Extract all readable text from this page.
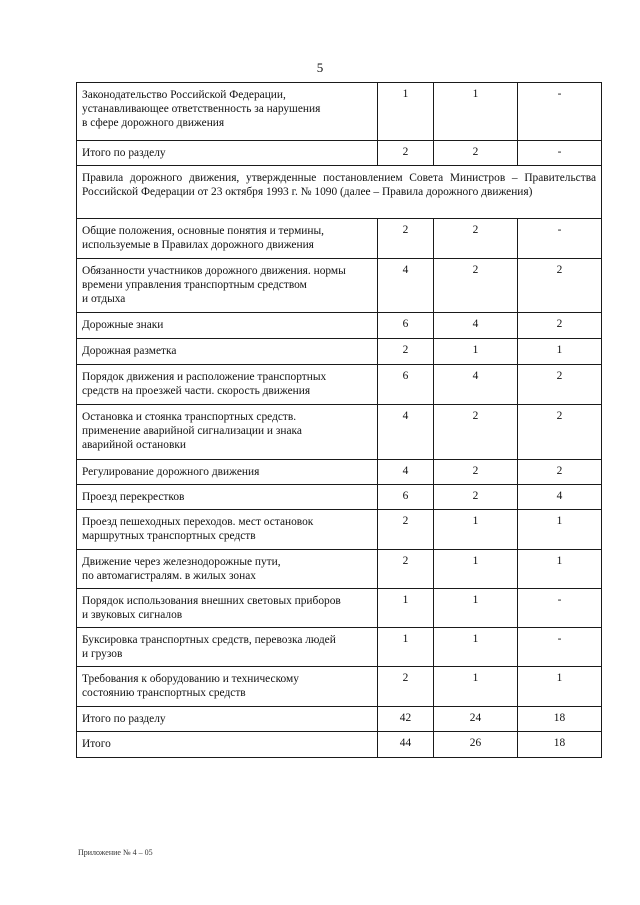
5
Законодательство Российской Федерации,
устанавливающее ответственность за нарушения
в сфере дорожного движения	1	1	-
Итого по разделу	2	2	-
Правила дорожного движения, утвержденные постановлением Совета Министров – Правительства Российской Федерации от 23 октября 1993 г. № 1090 (далее – Правила дорожного движения)			
Общие положения, основные понятия и термины,
используемые в Правилах дорожного движения	2	2	-
Обязанности участников дорожного движения. нормы
времени управления транспортным средством
и отдыха	4	2	2
Дорожные знаки	6	4	2
Дорожная разметка	2	1	1
Порядок движения и расположение транспортных
средств на проезжей части. скорость движения	6	4	2
Остановка и стоянка транспортных средств.
применение аварийной сигнализации и знака
аварийной остановки	4	2	2
Регулирование дорожного движения	4	2	2
Проезд перекрестков	6	2	4
Проезд пешеходных переходов. мест остановок
маршрутных транспортных средств	2	1	1
Движение через железнодорожные пути,
по автомагистралям. в жилых зонах	2	1	1
Порядок использования внешних световых приборов
и звуковых сигналов	1	1	-
Буксировка транспортных средств, перевозка людей
и грузов	1	1	-
Требования к оборудованию и техническому
состоянию транспортных средств	2	1	1
Итого по разделу	42	24	18
Итого	44	26	18
Приложение № 4 – 05
